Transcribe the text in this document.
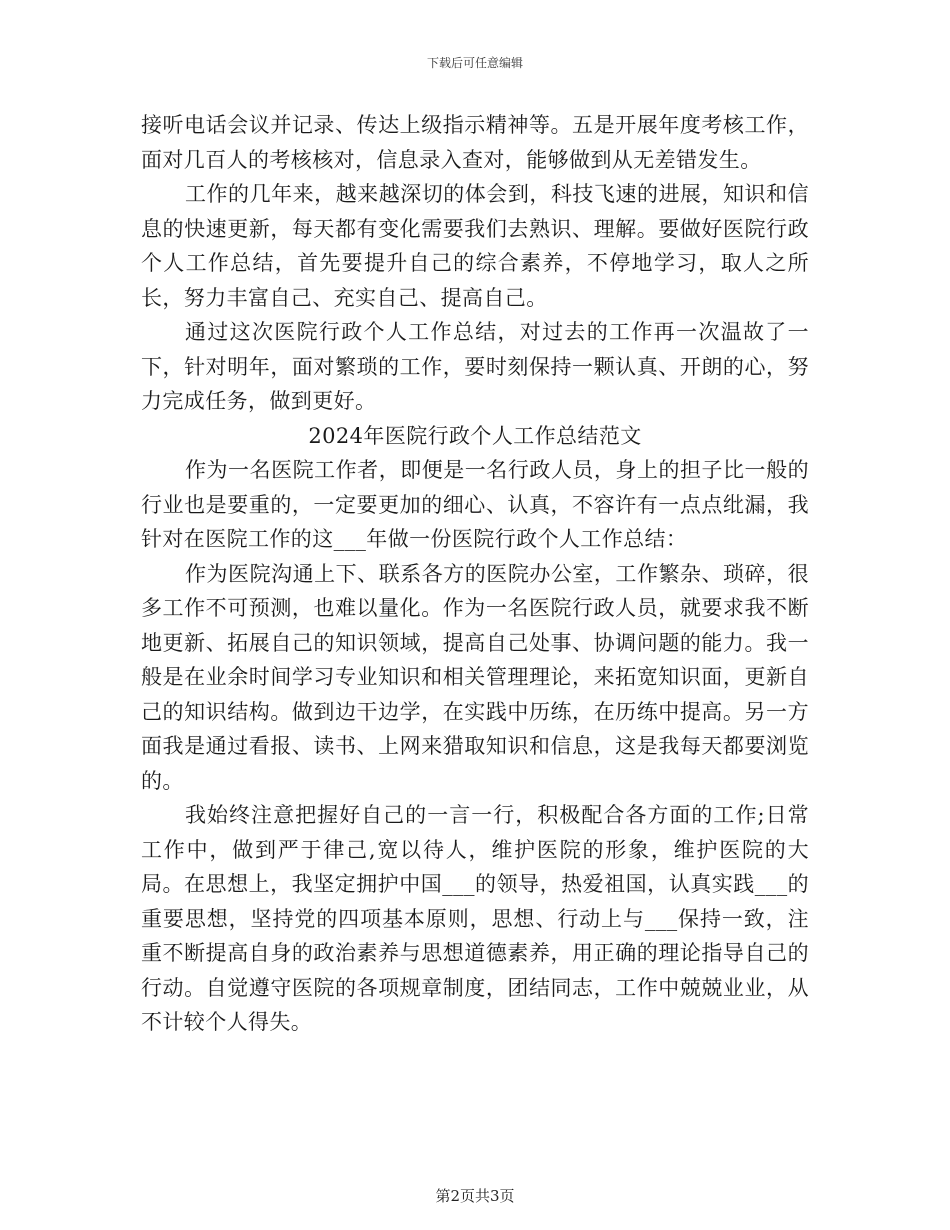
下载后可任意编辑

接听电话会议并记录、传达上级指示精神等。五是开展年度考核工作，面对几百人的考核核对，信息录入查对，能够做到从无差错发生。

工作的几年来，越来越深切的体会到，科技飞速的进展，知识和信息的快速更新，每天都有变化需要我们去熟识、理解。要做好医院行政个人工作总结，首先要提升自己的综合素养，不停地学习，取人之所长，努力丰富自己、充实自己、提高自己。

通过这次医院行政个人工作总结，对过去的工作再一次温故了一下，针对明年，面对繁琐的工作，要时刻保持一颗认真、开朗的心，努力完成任务，做到更好。

2024年医院行政个人工作总结范文

作为一名医院工作者，即便是一名行政人员，身上的担子比一般的行业也是要重的，一定要更加的细心、认真，不容许有一点点纰漏，我针对在医院工作的这___年做一份医院行政个人工作总结：

作为医院沟通上下、联系各方的医院办公室，工作繁杂、琐碎，很多工作不可预测，也难以量化。作为一名医院行政人员，就要求我不断地更新、拓展自己的知识领域，提高自己处事、协调问题的能力。我一般是在业余时间学习专业知识和相关管理理论，来拓宽知识面，更新自己的知识结构。做到边干边学，在实践中历练，在历练中提高。另一方面我是通过看报、读书、上网来猎取知识和信息，这是我每天都要浏览的。

我始终注意把握好自己的一言一行，积极配合各方面的工作;日常工作中，做到严于律己,宽以待人，维护医院的形象，维护医院的大局。在思想上，我坚定拥护中国___的领导，热爱祖国，认真实践___的重要思想，坚持党的四项基本原则，思想、行动上与___保持一致，注重不断提高自身的政治素养与思想道德素养，用正确的理论指导自己的行动。自觉遵守医院的各项规章制度，团结同志，工作中兢兢业业，从不计较个人得失。

第2页共3页
